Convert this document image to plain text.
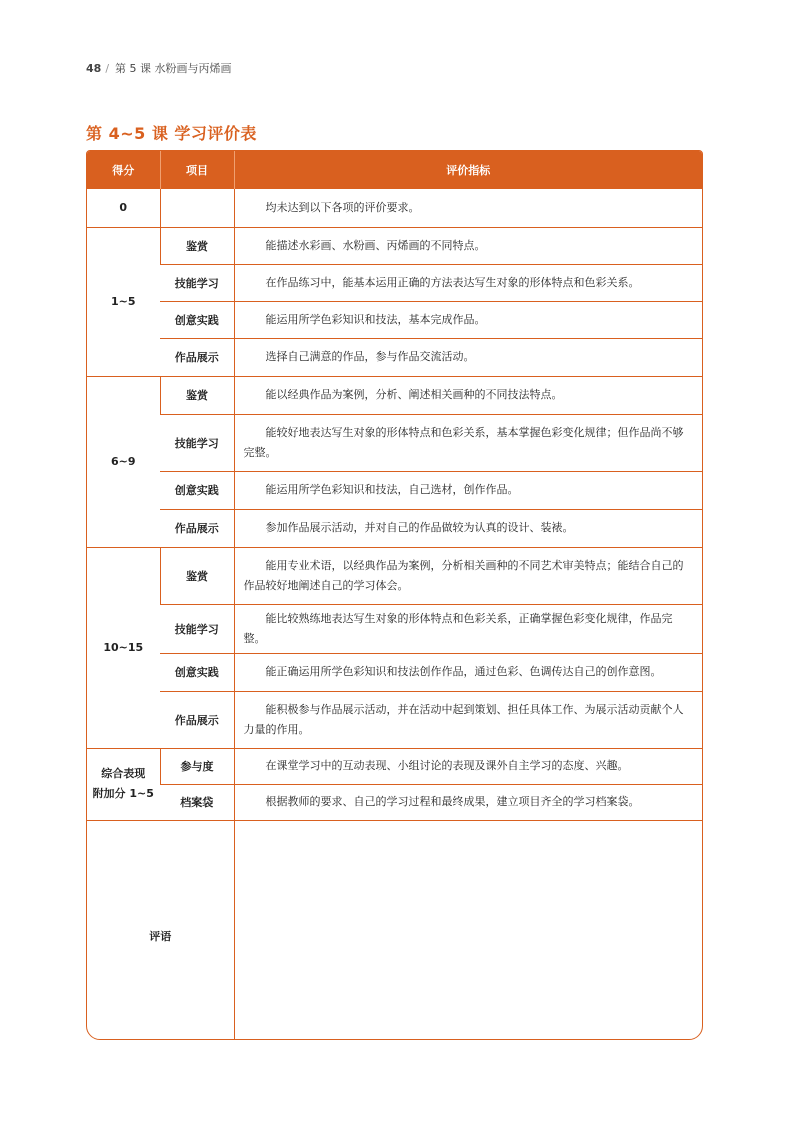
48 / 第 5 课 水粉画与丙烯画
第 4~5 课 学习评价表
得分	项目	评价指标
0		均未达到以下各项的评价要求。
1~5	鉴赏	能描述水彩画、水粉画、丙烯画的不同特点。
	技能学习	在作品练习中，能基本运用正确的方法表达写生对象的形体特点和色彩关系。
	创意实践	能运用所学色彩知识和技法，基本完成作品。
	作品展示	选择自己满意的作品，参与作品交流活动。
6~9	鉴赏	能以经典作品为案例，分析、阐述相关画种的不同技法特点。
	技能学习	能较好地表达写生对象的形体特点和色彩关系，基本掌握色彩变化规律；但作品尚不够完整。
	创意实践	能运用所学色彩知识和技法，自己选材，创作作品。
	作品展示	参加作品展示活动，并对自己的作品做较为认真的设计、装裱。
10~15	鉴赏	能用专业术语，以经典作品为案例，分析相关画种的不同艺术审美特点；能结合自己的作品较好地阐述自己的学习体会。
	技能学习	能比较熟练地表达写生对象的形体特点和色彩关系，正确掌握色彩变化规律，作品完整。
	创意实践	能正确运用所学色彩知识和技法创作作品，通过色彩、色调传达自己的创作意图。
	作品展示	能积极参与作品展示活动，并在活动中起到策划、担任具体工作、为展示活动贡献个人力量的作用。

综合表现
附加分 1~5	参与度	在课堂学习中的互动表现、小组讨论的表现及课外自主学习的态度、兴趣。
	档案袋	根据教师的要求、自己的学习过程和最终成果，建立项目齐全的学习档案袋。
评语		
